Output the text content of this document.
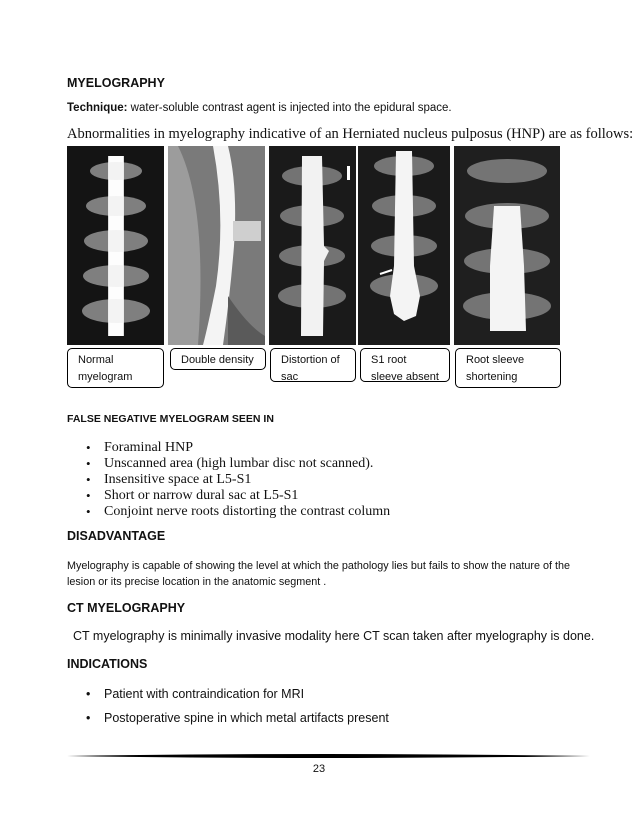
MYELOGRAPHY
Technique: water-soluble contrast agent is injected into the epidural space.
Abnormalities in myelography indicative of an Herniated nucleus pulposus (HNP) are as follows:
Normal myelogram
Double density	Distortion of sac
S1 root sleeve absent
Root sleeve shortening
FALSE NEGATIVE MYELOGRAM SEEN IN
• Foraminal HNP
• Unscanned area (high lumbar disc not scanned).
• Insensitive space at L5-S1
• Short or narrow dural sac at L5-S1
• Conjoint nerve roots distorting the contrast column
DISADVANTAGE
Myelography is capable of showing the level at which the pathology lies but fails to show the nature of the lesion or its precise location in the anatomic segment .
CT MYELOGRAPHY
CT myelography is minimally invasive modality here CT scan taken after myelography is done.
INDICATIONS
• Patient with contraindication for MRI
• Postoperative spine in which metal artifacts present
23
